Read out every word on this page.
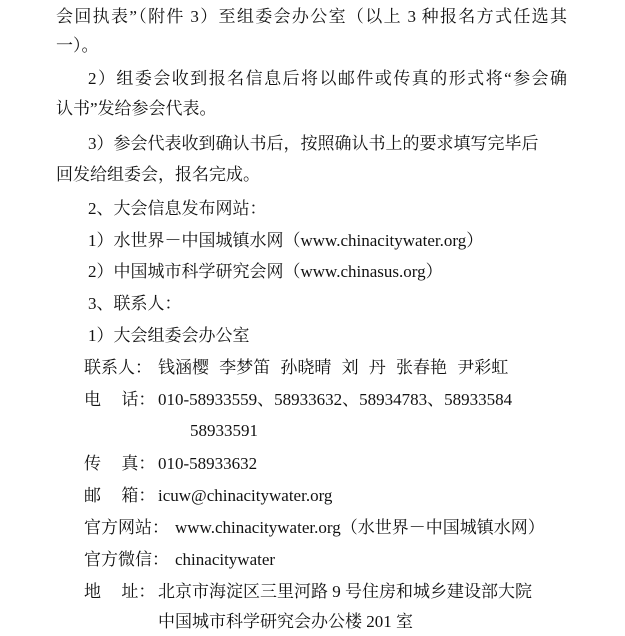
会回执表”（附件 3）至组委会办公室（以上 3 种报名方式任选其
一）。
2）组委会收到报名信息后将以邮件或传真的形式将“参会确
认书”发给参会代表。
3）参会代表收到确认书后，按照确认书上的要求填写完毕后
回发给组委会，报名完成。
2、大会信息发布网站：
1）水世界－中国城镇水网（www.chinacitywater.org）
2）中国城市科学研究会网（www.chinasus.org）
3、联系人：
1）大会组委会办公室
联系人： 钱涵樱 李梦笛 孙晓晴 刘 丹 张春艳 尹彩虹
电 话： 010-58933559、58933632、58934783、58933584
58933591
传 真： 010-58933632
邮 箱： icuw@chinacitywater.org
官方网站： www.chinacitywater.org（水世界－中国城镇水网）
官方微信： chinacitywater
地 址： 北京市海淀区三里河路 9 号住房和城乡建设部大院
中国城市科学研究会办公楼 201 室
